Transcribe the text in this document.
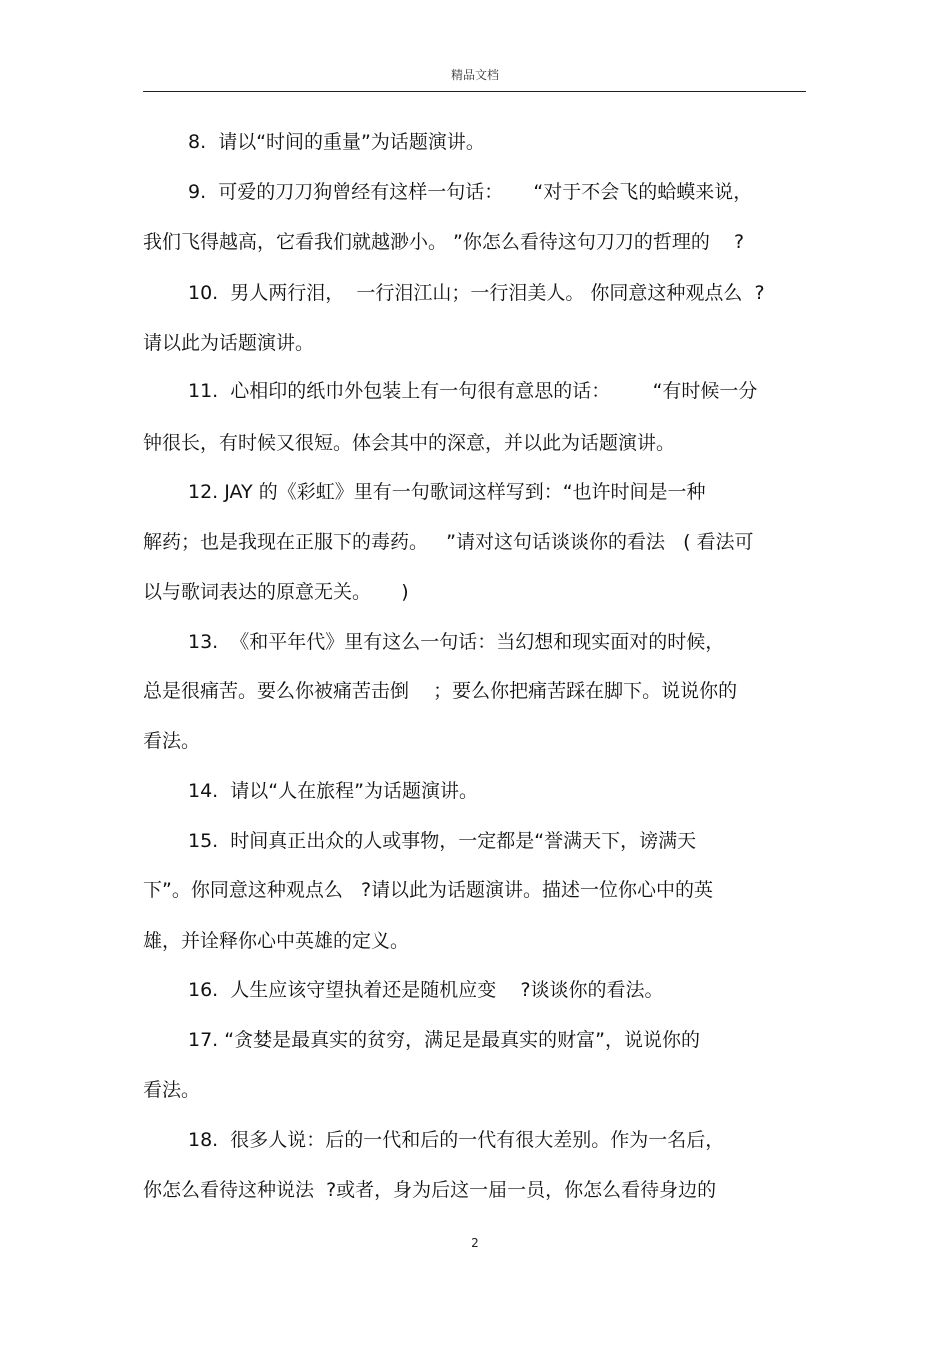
精品文档
8.  请以“时间的重量”为话题演讲。
9.  可爱的刀刀狗曾经有这样一句话：     “对于不会飞的蛤蟆来说，
我们飞得越高，它看我们就越渺小。 ”你怎么看待这句刀刀的哲理的    ?
10.  男人两行泪，  一行泪江山；一行泪美人。 你同意这种观点么  ?
请以此为话题演讲。
11.  心相印的纸巾外包装上有一句很有意思的话：       “有时候一分
钟很长，有时候又很短。体会其中的深意，并以此为话题演讲。
12. JAY 的《彩虹》里有一句歌词这样写到：“也许时间是一种
解药；也是我现在正服下的毒药。   ”请对这句话谈谈你的看法   ( 看法可
以与歌词表达的原意无关。     )
13.  《和平年代》里有这么一句话：当幻想和现实面对的时候，
总是很痛苦。要么你被痛苦击倒    ；要么你把痛苦踩在脚下。说说你的
看法。
14.  请以“人在旅程”为话题演讲。
15.  时间真正出众的人或事物，一定都是“誉满天下，谤满天
下”。你同意这种观点么   ?请以此为话题演讲。描述一位你心中的英
雄，并诠释你心中英雄的定义。
16.  人生应该守望执着还是随机应变    ?谈谈你的看法。
17. “贪婪是最真实的贫穷，满足是最真实的财富”，说说你的
看法。
18.  很多人说：后的一代和后的一代有很大差别。作为一名后，
你怎么看待这种说法  ?或者，身为后这一届一员，你怎么看待身边的
2
